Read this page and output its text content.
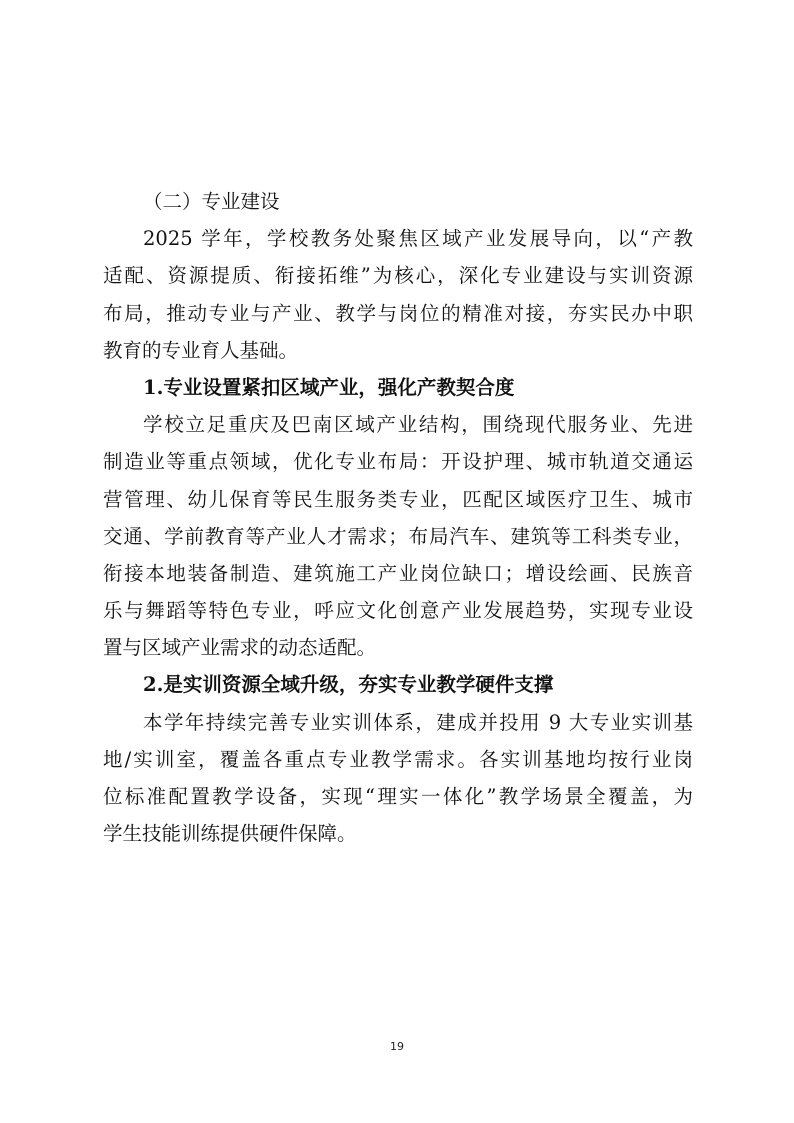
（二）专业建设
2025 学年，学校教务处聚焦区域产业发展导向，以“产教
适配、资源提质、衔接拓维”为核心，深化专业建设与实训资源
布局，推动专业与产业、教学与岗位的精准对接，夯实民办中职
教育的专业育人基础。
1.专业设置紧扣区域产业，强化产教契合度
学校立足重庆及巴南区域产业结构，围绕现代服务业、先进
制造业等重点领域，优化专业布局：开设护理、城市轨道交通运
营管理、幼儿保育等民生服务类专业，匹配区域医疗卫生、城市
交通、学前教育等产业人才需求；布局汽车、建筑等工科类专业，
衔接本地装备制造、建筑施工产业岗位缺口；增设绘画、民族音
乐与舞蹈等特色专业，呼应文化创意产业发展趋势，实现专业设
置与区域产业需求的动态适配。
2.是实训资源全域升级，夯实专业教学硬件支撑
本学年持续完善专业实训体系，建成并投用 9 大专业实训基
地/实训室，覆盖各重点专业教学需求。各实训基地均按行业岗
位标准配置教学设备，实现“理实一体化”教学场景全覆盖，为
学生技能训练提供硬件保障。
19
